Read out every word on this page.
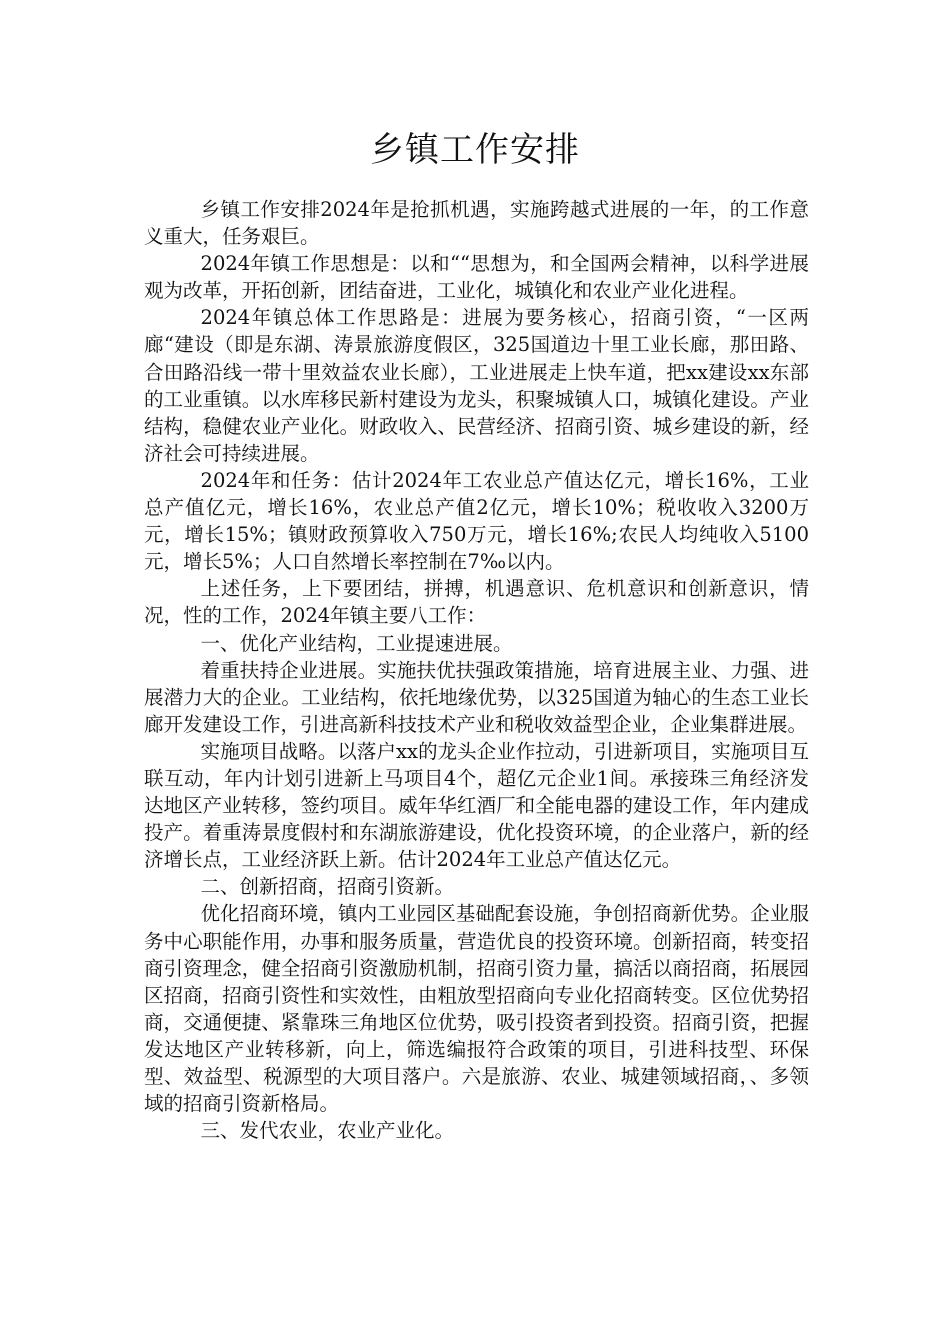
乡镇工作安排

乡镇工作安排2024年是抢抓机遇，实施跨越式进展的一年，的工作意义重大，任务艰巨。

2024年镇工作思想是：以和““思想为，和全国两会精神，以科学进展观为改革，开拓创新，团结奋进，工业化，城镇化和农业产业化进程。

2024年镇总体工作思路是：进展为要务核心，招商引资，“一区两廊“建设（即是东湖、涛景旅游度假区，325国道边十里工业长廊，那田路、合田路沿线一带十里效益农业长廊），工业进展走上快车道，把xx建设xx东部的工业重镇。以水库移民新村建设为龙头，积聚城镇人口，城镇化建设。产业结构，稳健农业产业化。财政收入、民营经济、招商引资、城乡建设的新，经济社会可持续进展。

2024年和任务：估计2024年工农业总产值达亿元，增长16%，工业总产值亿元，增长16%，农业总产值2亿元，增长10%；税收收入3200万元，增长15%；镇财政预算收入750万元，增长16%;农民人均纯收入5100元，增长5%；人口自然增长率控制在7‰以内。

上述任务，上下要团结，拼搏，机遇意识、危机意识和创新意识，情况，性的工作，2024年镇主要八工作：

一、优化产业结构，工业提速进展。

着重扶持企业进展。实施扶优扶强政策措施，培育进展主业、力强、进展潜力大的企业。工业结构，依托地缘优势，以325国道为轴心的生态工业长廊开发建设工作，引进高新科技技术产业和税收效益型企业，企业集群进展。

实施项目战略。以落户xx的龙头企业作拉动，引进新项目，实施项目互联互动，年内计划引进新上马项目4个，超亿元企业1间。承接珠三角经济发达地区产业转移，签约项目。威年华红酒厂和全能电器的建设工作，年内建成投产。着重涛景度假村和东湖旅游建设，优化投资环境，的企业落户，新的经济增长点，工业经济跃上新。估计2024年工业总产值达亿元。

二、创新招商，招商引资新。

优化招商环境，镇内工业园区基础配套设施，争创招商新优势。企业服务中心职能作用，办事和服务质量，营造优良的投资环境。创新招商，转变招商引资理念，健全招商引资激励机制，招商引资力量，搞活以商招商，拓展园区招商，招商引资性和实效性，由粗放型招商向专业化招商转变。区位优势招商，交通便捷、紧靠珠三角地区位优势，吸引投资者到投资。招商引资，把握发达地区产业转移新，向上，筛选编报符合政策的项目，引进科技型、环保型、效益型、税源型的大项目落户。六是旅游、农业、城建领域招商，、多领域的招商引资新格局。

三、发代农业，农业产业化。
